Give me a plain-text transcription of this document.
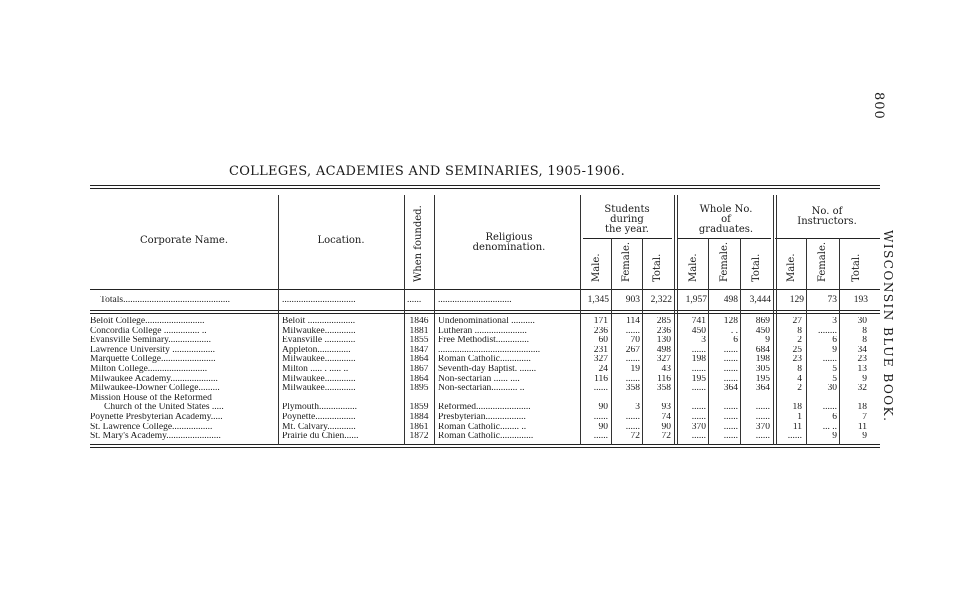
800
WISCONSIN BLUE BOOK.
COLLEGES, ACADEMIES AND SEMINARIES, 1905-1906.
Corporate Name.	Location.	When founded.	Religious
denomination.
Students
during
the year.
Whole No.
of
graduates.
No. of
Instructors.
Male. Female. Total.	Male. Female. Total. Male. Female. Total.
Totals.............................................	...............................	......	...............................	1,345	903	2,322	1,957	498	3,444	129	73	193
Beloit College.........................	Beloit ....................	1846	Undenominational ..........	171	114	285	741	128	869	27	3	30
Concordia College ............... ..	Milwaukee.............	1881	Lutheran ......................	236	......	236	450	. .	450	8	........	8
Evansville Seminary..................	Evansville .............	1855	Free Methodist..............	60	70	130	3	6	9	2	6	8
Lawrence University ..................	Appleton..............	1847	...........................................	231	267	498	......	......	684	25	9	34
Marquette College.......................	Milwaukee.............	1864	Roman Catholic.............	327	......	327	198	......	198	23	......	23
Milton College.........................	Milton ..... . ..... ..	1867	Seventh-day Baptist. .......	24	19	43	......	......	305	8	5	13
Milwaukee Academy....................	Milwaukee.............	1864	Non-sectarian ...... ....	116	......	116	195	......	195	4	5	9
Milwaukee-Downer College.........	Milwaukee.............	1895	Non-sectarian........... ..	......	358	358	......	364	364	2	30	32
Mission House of the Reformed
Church of the United States .....	Plymouth................	1859	Reformed.......................	90	3	93	......	......	......	18	......	18
Poynette Presbyterian Academy.....	Poynette.................	1884	Presbyterian.................	......	......	74	......	......	......	1	6	7
St. Lawrence College.................	Mt. Calvary............	1861	Roman Catholic........ ..	90	......	90	370	......	370	11	... ..	11
St. Mary's Academy.......................	Prairie du Chien......	1872	Roman Catholic..............	......	72	72	......	......	......	......	9	9
